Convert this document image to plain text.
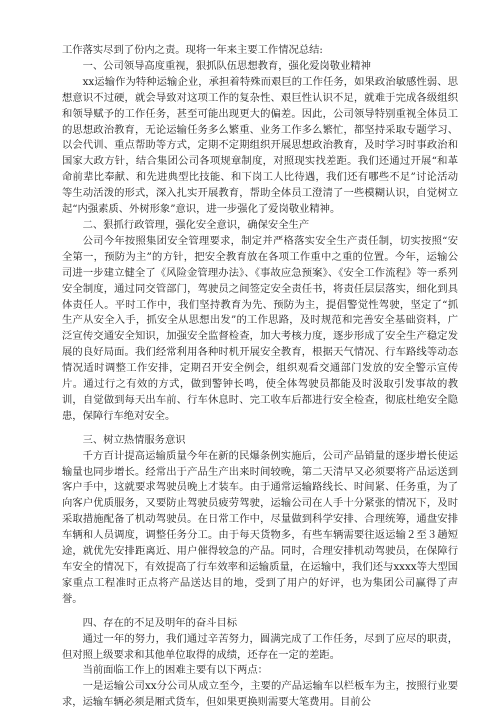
工作落实尽到了份内之责。现将一年来主要工作情况总结:

一、公司领导高度重视，狠抓队伍思想教育，强化爱岗敬业精神

xx运输作为特种运输企业，承担着特殊而艰巨的工作任务，如果政治敏感性弱、思想意识不过硬，就会导致对这项工作的复杂性、艰巨性认识不足，就难于完成各级组织和领导赋予的工作任务，甚至可能出现更大的偏差。因此，公司领导特别重视全体员工的思想政治教育，无论运输任务多么繁重、业务工作多么繁忙，都坚持采取专题学习、以会代训、重点帮助等方式，定期不定期组织开展思想政治教育，及时学习时事政治和国家大政方针，结合集团公司各项规章制度，对照现实找差距。我们还通过开展“和革命前辈比奉献、和先进典型比技能、和下岗工人比待遇，我们还有哪些不足”讨论活动等生动活泼的形式，深入扎实开展教育，帮助全体员工澄清了一些模糊认识，自觉树立起“内强素质、外树形象”意识，进一步强化了爱岗敬业精神。

二、狠抓行政管理，强化安全意识，确保安全生产

公司今年按照集团安全管理要求，制定并严格落实安全生产责任制，切实按照“安全第一，预防为主”的方针，把安全教育放在各项工作重中之重的位置。今年，运输公司进一步建立健全了《风险金管理办法》、《事故应急预案》、《安全工作流程》等一系列安全制度，通过同交管部门，驾驶员之间签定安全责任书，将责任层层落实，细化到具体责任人。平时工作中，我们坚持教育为先、预防为主，提倡警觉性驾驶，坚定了“抓生产从安全入手，抓安全从思想出发”的工作思路，及时规范和完善安全基础资料，广泛宣传交通安全知识，加强安全监督检查，加大考核力度，逐步形成了安全生产稳定发展的良好局面。我们经常利用各种时机开展安全教育，根据天气情况、行车路线等动态情况适时调整工作安排，定期召开安全例会，组织观看交通部门发放的安全警示宣传片。通过行之有效的方式，做到警钟长鸣，使全体驾驶员都能及时汲取引发事故的教训，自觉做到每天出车前、行车休息时、完工收车后都进行安全检查，彻底杜绝安全隐患，保障行车绝对安全。

三、树立热情服务意识

千方百计提高运输质量今年在新的民爆条例实施后，公司产品销量的逐步增长使运输量也同步增长。经常出于产品生产出来时间较晚，第二天清早又必须要将产品运送到客户手中，这就要求驾驶员晚上才装车。由于通常运输路线长、时间紧、任务重，为了向客户优质服务，又要防止驾驶员疲劳驾驶，运输公司在人手十分紧张的情况下，及时采取措施配备了机动驾驶员。在日常工作中，尽量做到科学安排、合理统筹，通盘安排车辆和人员调度，调整任务分工。由于每天货物多，有些车辆需要往返运输２至３趟短途，就优先安排距离近、用户催得较急的产品。同时，合理安排机动驾驶员，在保障行车安全的情况下，有效提高了行车效率和运输质量，在运输中，我们还与xxxx等大型国家重点工程准时正点将产品送达目的地，受到了用户的好评，也为集团公司赢得了声誉。

四、存在的不足及明年的奋斗目标

通过一年的努力，我们通过辛苦努力，圆满完成了工作任务，尽到了应尽的职责，但对照上级要求和其他单位取得的成绩，还存在一定的差距。

当前面临工作上的困难主要有以下两点：

一是运输公司xx分公司从成立至今，主要的产品运输车以栏板车为主，按照行业要求，运输车辆必须是厢式货车，但如果更换则需要大笔费用。目前公
